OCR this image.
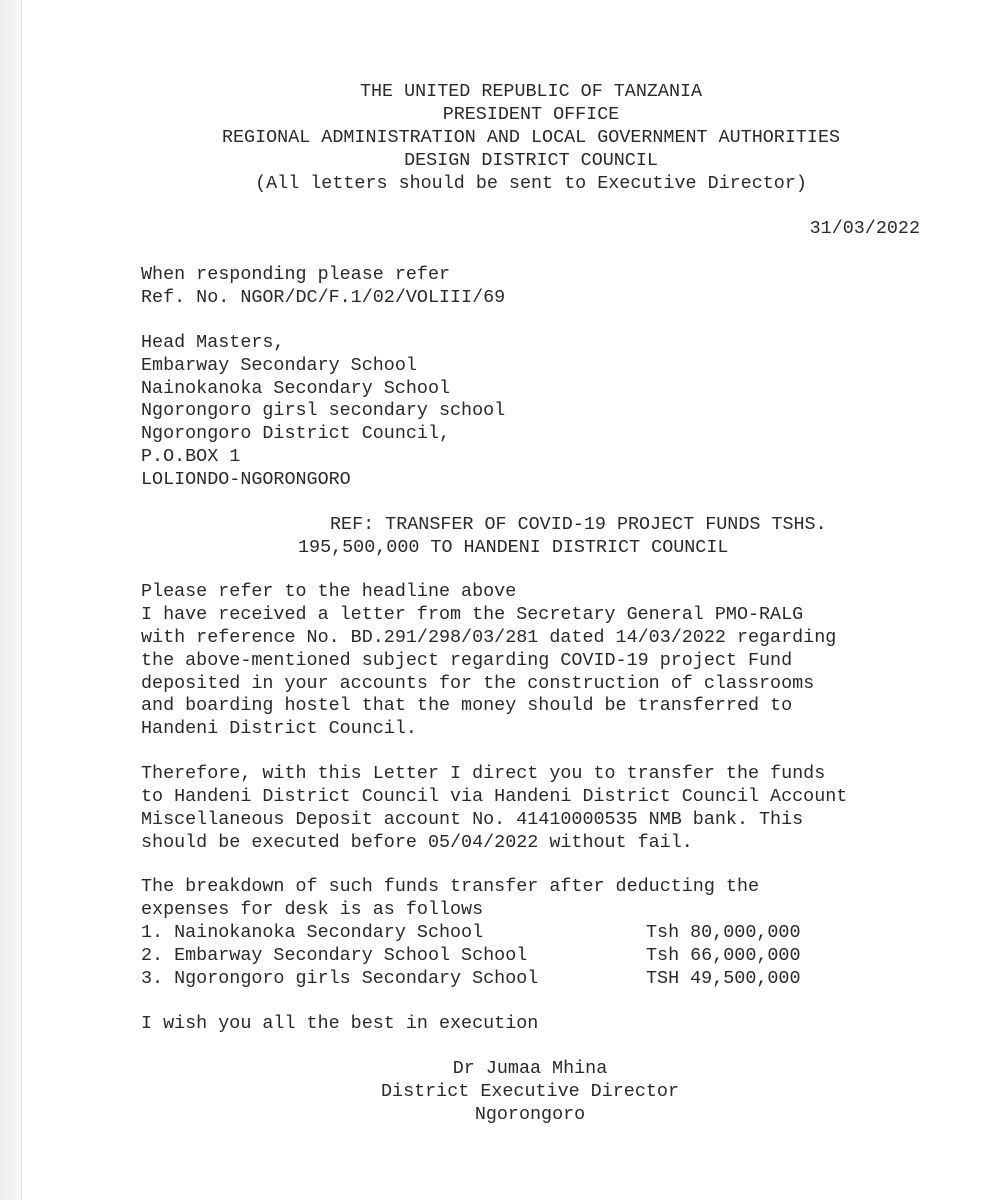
THE UNITED REPUBLIC OF TANZANIA
PRESIDENT OFFICE
REGIONAL ADMINISTRATION AND LOCAL GOVERNMENT AUTHORITIES
DESIGN DISTRICT COUNCIL
(All letters should be sent to Executive Director)
31/03/2022
When responding please refer
Ref. No. NGOR/DC/F.1/02/VOLIII/69
Head Masters,
Embarway Secondary School
Nainokanoka Secondary School
Ngorongoro girsl secondary school
Ngorongoro District Council,
P.O.BOX 1
LOLIONDO-NGORONGORO
REF: TRANSFER OF COVID-19 PROJECT FUNDS TSHS.
195,500,000 TO HANDENI DISTRICT COUNCIL
Please refer to the headline above
I have received a letter from the Secretary General PMO-RALG
with reference No. BD.291/298/03/281 dated 14/03/2022 regarding
the above-mentioned subject regarding COVID-19 project Fund
deposited in your accounts for the construction of classrooms
and boarding hostel that the money should be transferred to
Handeni District Council.
Therefore, with this Letter I direct you to transfer the funds
to Handeni District Council via Handeni District Council Account
Miscellaneous Deposit account No. 41410000535 NMB bank. This
should be executed before 05/04/2022 without fail.
The breakdown of such funds transfer after deducting the
expenses for desk is as follows
1. Nainokanoka Secondary School	Tsh 80,000,000
2. Embarway Secondary School School	Tsh 66,000,000
3. Ngorongoro girls Secondary School	TSH 49,500,000
I wish you all the best in execution
Dr Jumaa Mhina
District Executive Director
Ngorongoro
